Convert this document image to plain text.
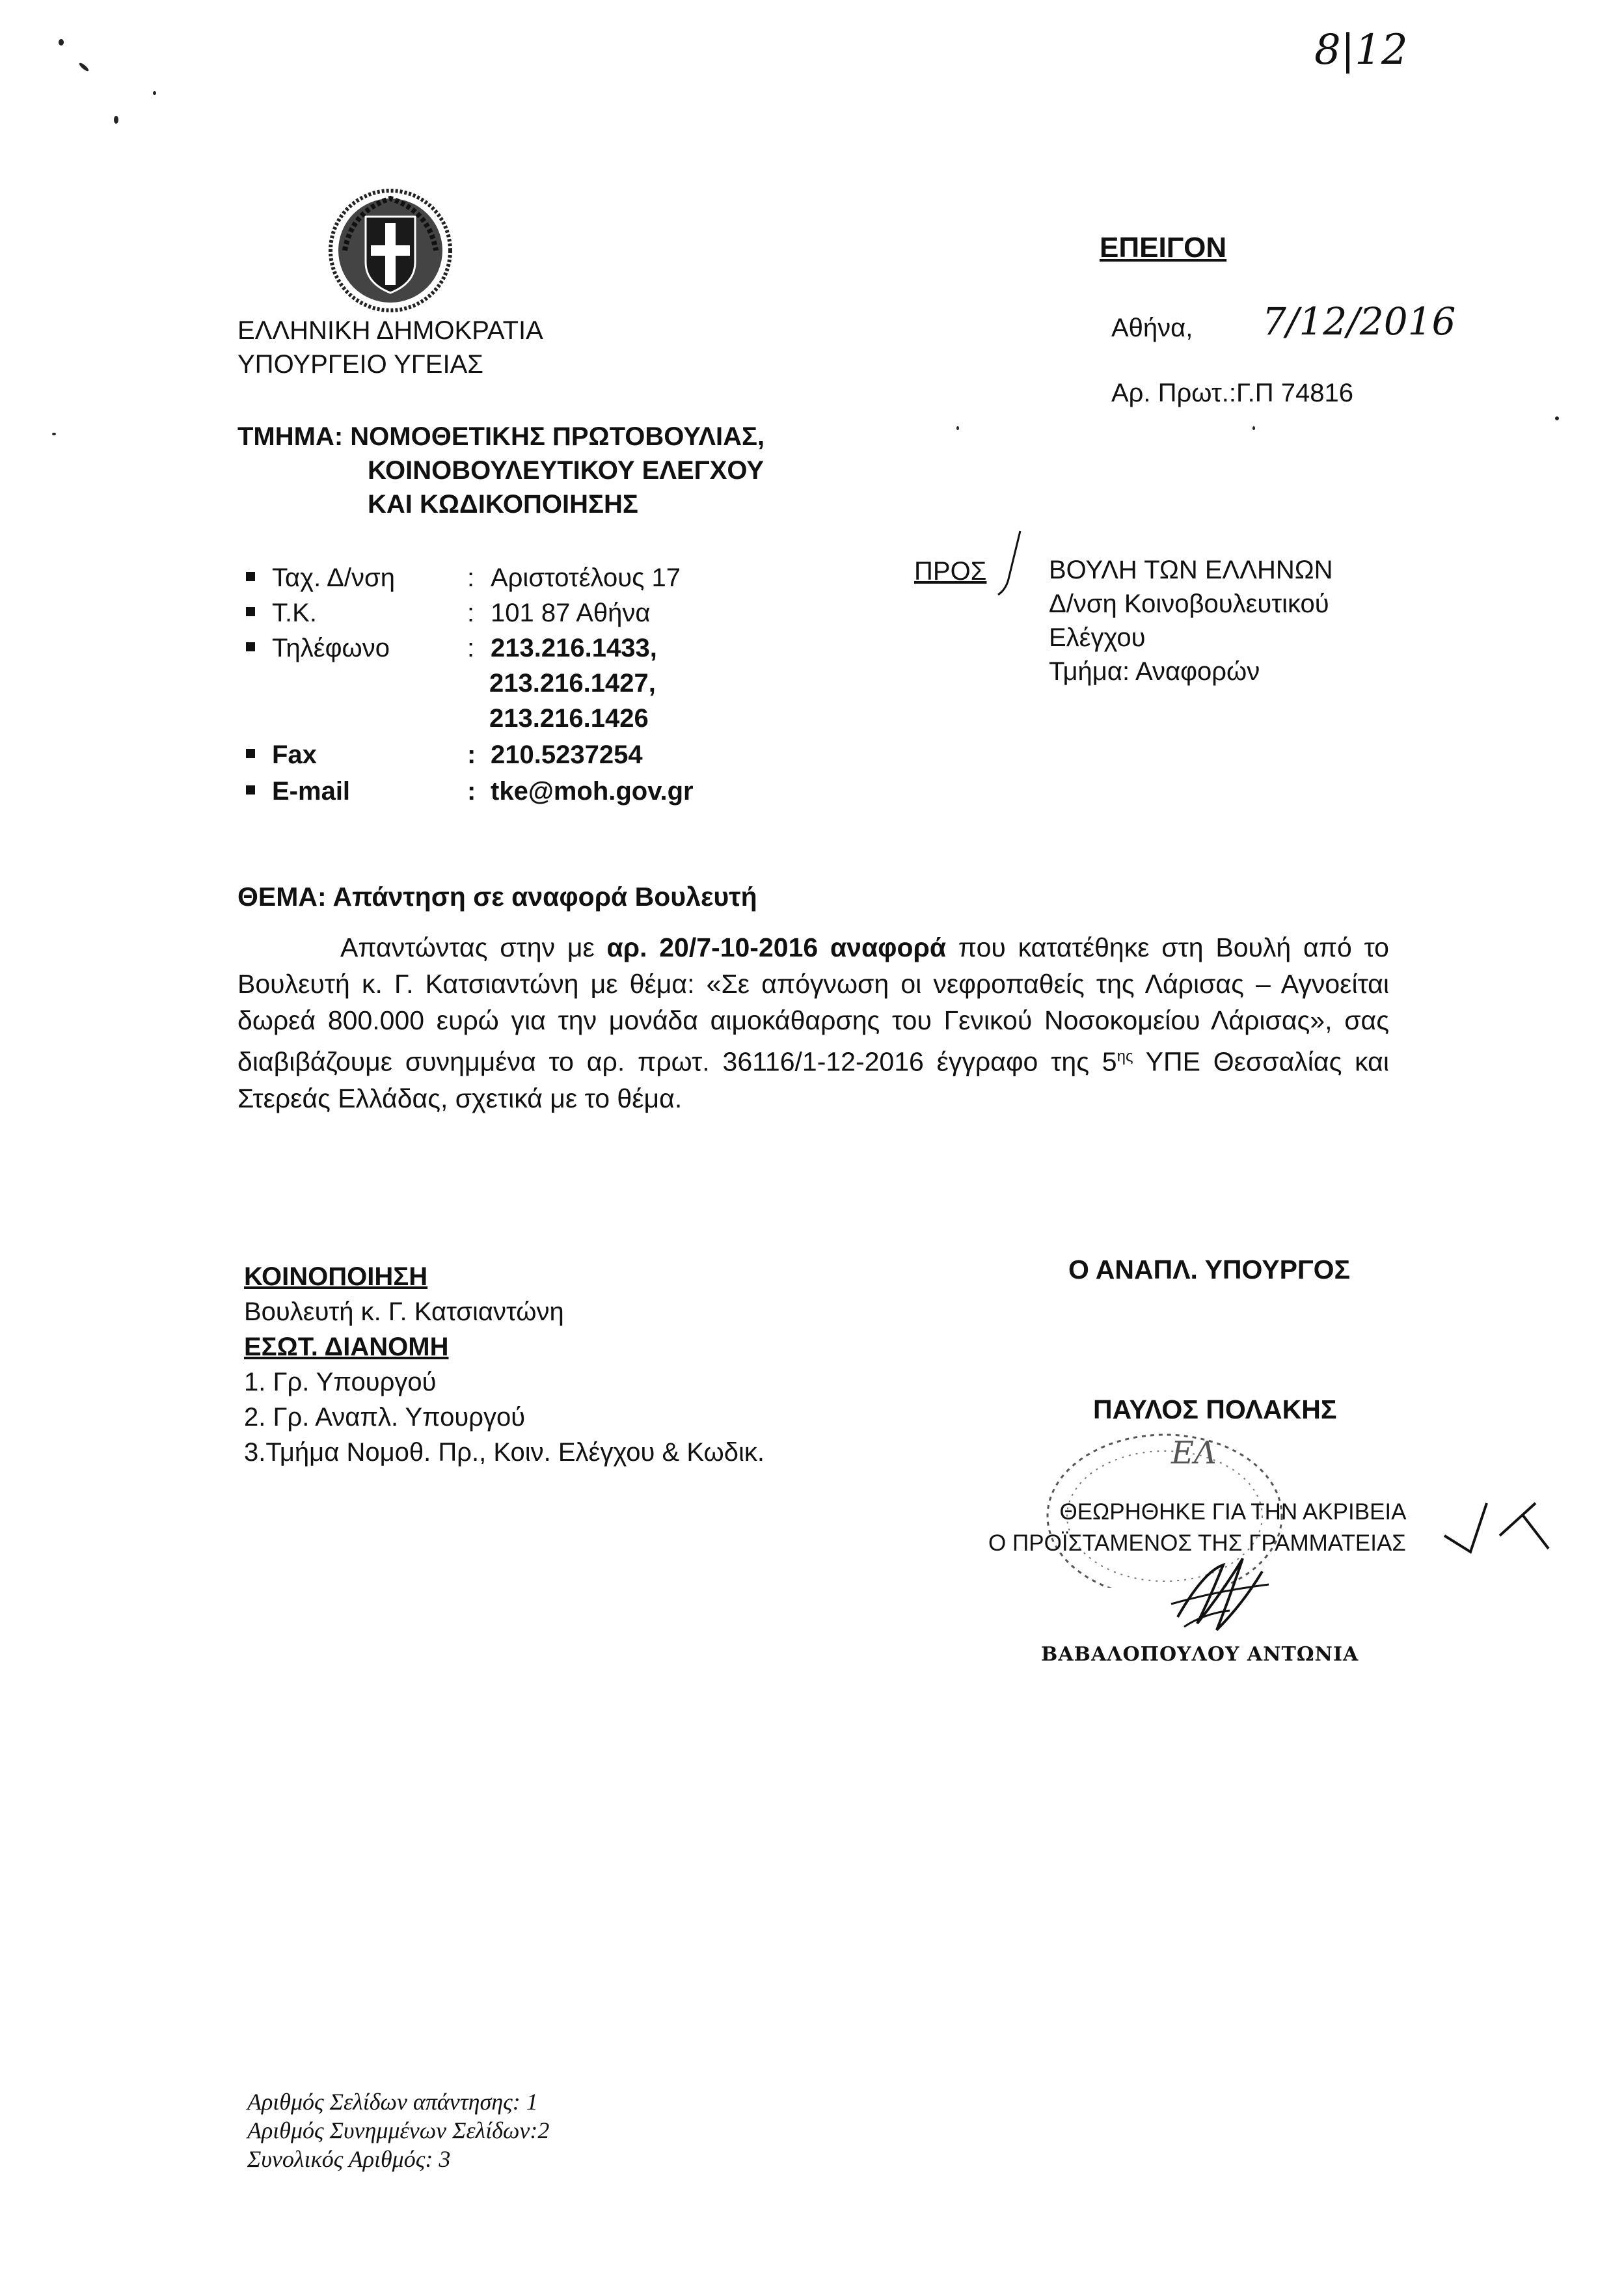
8|12
ΕΛΛΗΝΙΚΗ ΔΗΜΟΚΡΑΤΙΑ
ΥΠΟΥΡΓΕΙΟ ΥΓΕΙΑΣ
ΤΜΗΜΑ: ΝΟΜΟΘΕΤΙΚΗΣ ΠΡΩΤΟΒΟΥΛΙΑΣ,
ΚΟΙΝΟΒΟΥΛΕΥΤΙΚΟΥ ΕΛΕΓΧΟΥ
ΚΑΙ ΚΩΔΙΚΟΠΟΙΗΣΗΣ
ΕΠΕΙΓΟΝ
Αθήνα, 7/12/2016
Αρ. Πρωτ.:Γ.Π 74816
Ταχ. Δ/νση	: Αριστοτέλους 17
Τ.Κ.	: 101 87 Αθήνα
Τηλέφωνο	: 213.216.1433,
213.216.1427,
213.216.1426
Fax	: 210.5237254
E-mail	: tke@moh.gov.gr
ΠΡΟΣ ΒΟΥΛΗ ΤΩΝ ΕΛΛΗΝΩΝ
Δ/νση Κοινοβουλευτικού
Ελέγχου
Τμήμα: Αναφορών
ΘΕΜΑ: Απάντηση σε αναφορά Βουλευτή
Απαντώντας στην με αρ. 20/7-10-2016 αναφορά που κατατέθηκε στη Βουλή από το Βουλευτή κ. Γ. Κατσιαντώνη με θέμα: «Σε απόγνωση οι νεφροπαθείς της Λάρισας – Αγνοείται δωρεά 800.000 ευρώ για την μονάδα αιμοκάθαρσης του Γενικού Νοσοκομείου Λάρισας», σας διαβιβάζουμε συνημμένα το αρ. πρωτ. 36116/1-12-2016 έγγραφο της $5^{\eta\varsigma}$ ΥΠΕ Θεσσαλίας και Στερεάς Ελλάδας, σχετικά με το θέμα.
ΚΟΙΝΟΠΟΙΗΣΗ
Βουλευτή κ. Γ. Κατσιαντώνη
ΕΣΩΤ. ΔΙΑΝΟΜΗ
1. Γρ. Υπουργού
2. Γρ. Αναπλ. Υπουργού
3.Τμήμα Νομοθ. Πρ., Κοιν. Ελέγχου & Κωδικ.
Ο ΑΝΑΠΛ. ΥΠΟΥΡΓΟΣ
ΠΑΥΛΟΣ ΠΟΛΑΚΗΣ
ΕΛ
ΘΕΩΡΗΘΗΚΕ ΓΙΑ ΤΗΝ ΑΚΡΙΒΕΙΑ
Ο ΠΡΟΪΣΤΑΜΕΝΟΣ ΤΗΣ ΓΡΑΜΜΑΤΕΙΑΣ
ΒΑΒΑΛΟΠΟΥΛΟΥ ΑΝΤΩΝΙΑ
Αριθμός Σελίδων απάντησης: 1
Αριθμός Συνημμένων Σελίδων:2
Συνολικός Αριθμός: 3
